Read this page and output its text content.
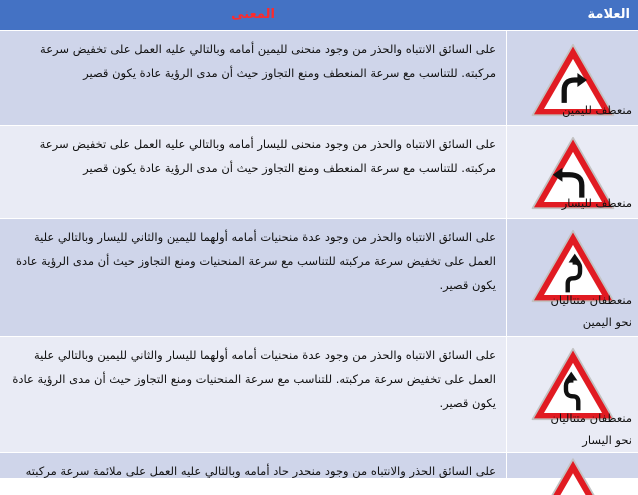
العلامة
المعنى
منعطف لليمين
على السائق الانتباه والحذر من وجود منحنى لليمين أمامه وبالتالي عليه العمل على تخفيض سرعة مركبته. للتناسب مع سرعة المنعطف ومنع التجاوز حيث أن مدى الرؤية عادة يكون قصير
منعطف لليسار
على السائق الانتباه والحذر من وجود منحنى لليسار أمامه وبالتالي عليه العمل على تخفيض سرعة مركبته. للتناسب مع سرعة المنعطف ومنع التجاوز حيث أن مدى الرؤية عادة يكون قصير
منعطفان متتاليان
نحو اليمين
على السائق الانتباه والحذر من وجود عدة منحنيات أمامه أولهما لليمين والثاني لليسار وبالتالي علية العمل على تخفيض سرعة مركبته للتناسب مع سرعة المنحنيات ومنع التجاوز حيث أن مدى الرؤية عادة يكون قصير.
منعطفان متتاليان
نحو اليسار
على السائق الانتباه والحذر من وجود عدة منحنيات أمامه أولهما لليسار والثاني لليمين وبالتالي علية العمل على تخفيض سرعة مركبته. للتناسب مع سرعة المنحنيات ومنع التجاوز حيث أن مدى الرؤية عادة يكون قصير.
على السائق الحذر والانتباه من وجود منحدر حاد أمامه وبالتالي عليه العمل على ملائمة سرعة مركبته
